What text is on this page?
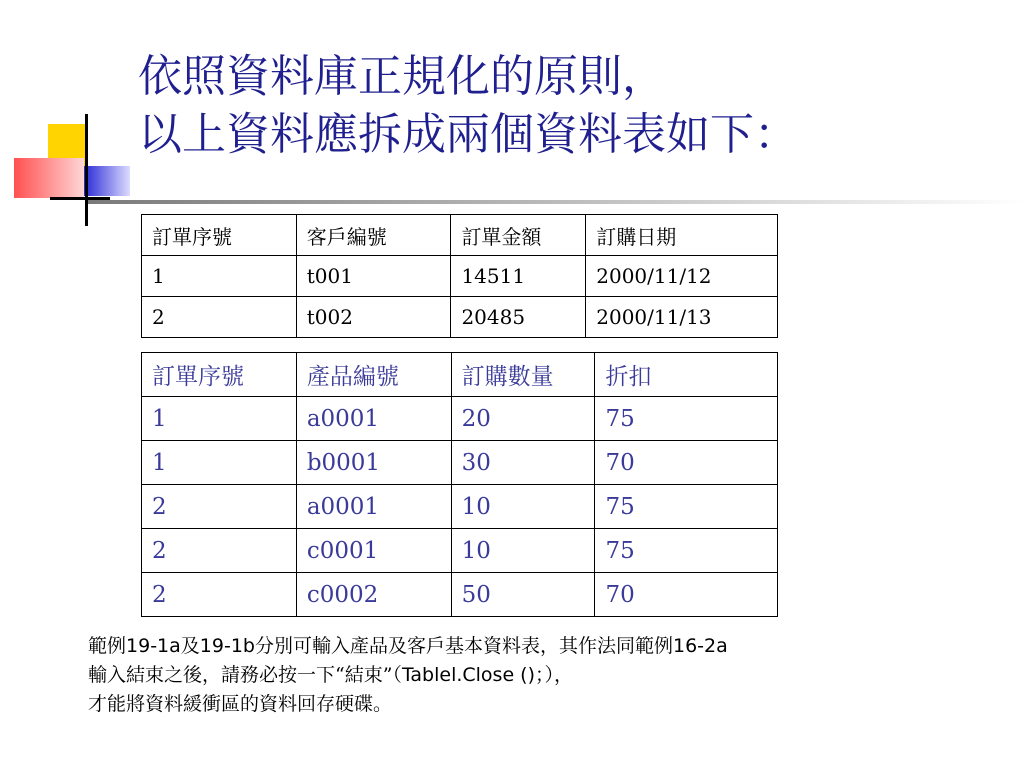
依照資料庫正規化的原則，
以上資料應拆成兩個資料表如下：
訂單序號	客戶編號	訂單金額	訂購日期
1	t001	14511	2000/11/12
2	t002	20485	2000/11/13
訂單序號	產品編號	訂購數量	折扣
1	a0001	20	75
1	b0001	30	70
2	a0001	10	75
2	c0001	10	75
2	c0002	50	70
範例19-1a及19-1b分別可輸入產品及客戶基本資料表，其作法同範例16-2a
輸入結束之後，請務必按一下“結束”（Tablel.Close ()；），
才能將資料緩衝區的資料回存硬碟。
